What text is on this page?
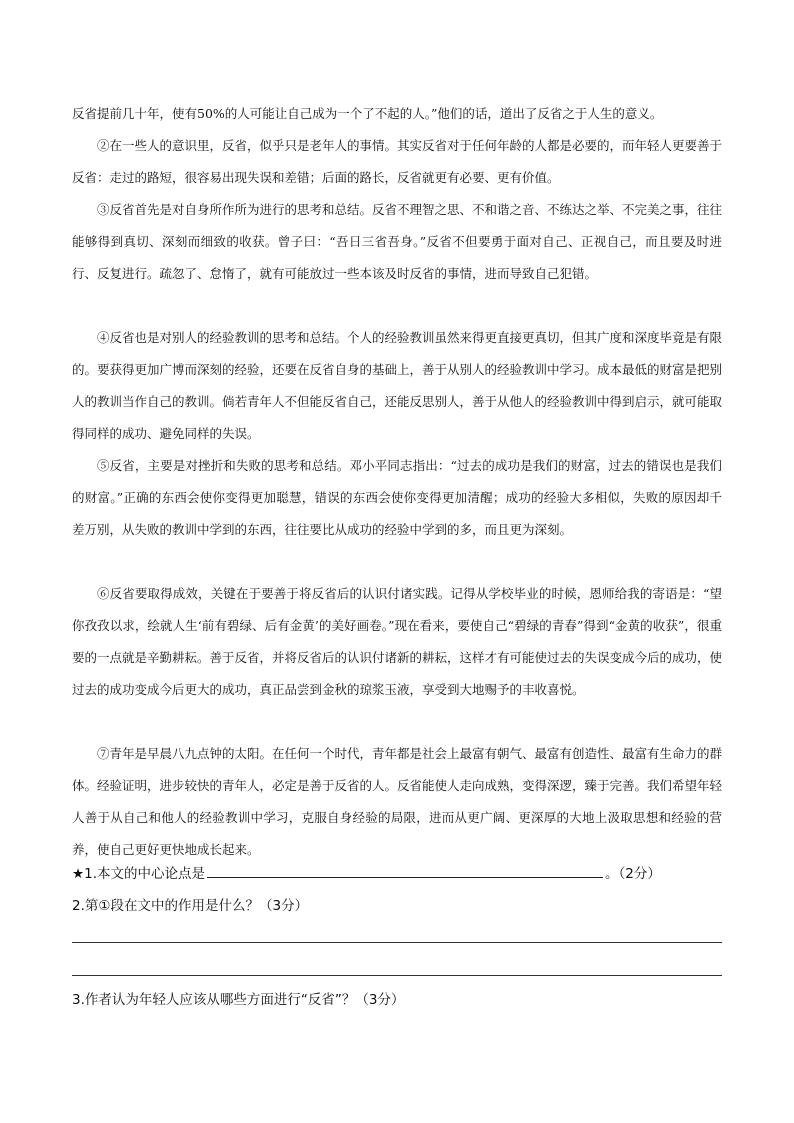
反省提前几十年，使有50%的人可能让自己成为一个了不起的人。”他们的话，道出了反省之于人生的意义。

②在一些人的意识里，反省，似乎只是老年人的事情。其实反省对于任何年龄的人都是必要的，而年轻人更要善于反省：走过的路短，很容易出现失误和差错；后面的路长，反省就更有必要、更有价值。

③反省首先是对自身所作所为进行的思考和总结。反省不理智之思、不和谐之音、不练达之举、不完美之事，往往能够得到真切、深刻而细致的收获。曾子曰：“吾日三省吾身。”反省不但要勇于面对自己、正视自己，而且要及时进行、反复进行。疏忽了、怠惰了，就有可能放过一些本该及时反省的事情，进而导致自己犯错。

④反省也是对别人的经验教训的思考和总结。个人的经验教训虽然来得更直接更真切，但其广度和深度毕竟是有限的。要获得更加广博而深刻的经验，还要在反省自身的基础上，善于从别人的经验教训中学习。成本最低的财富是把别人的教训当作自己的教训。倘若青年人不但能反省自己，还能反思别人，善于从他人的经验教训中得到启示，就可能取得同样的成功、避免同样的失误。

⑤反省，主要是对挫折和失败的思考和总结。邓小平同志指出：“过去的成功是我们的财富，过去的错误也是我们的财富。”正确的东西会使你变得更加聪慧，错误的东西会使你变得更加清醒；成功的经验大多相似，失败的原因却千差万别，从失败的教训中学到的东西，往往要比从成功的经验中学到的多，而且更为深刻。

⑥反省要取得成效，关键在于要善于将反省后的认识付诸实践。记得从学校毕业的时候，恩师给我的寄语是：“望你孜孜以求，绘就人生‘前有碧绿、后有金黄’的美好画卷。”现在看来，要使自己“碧绿的青春”得到“金黄的收获”，很重要的一点就是辛勤耕耘。善于反省，并将反省后的认识付诸新的耕耘，这样才有可能使过去的失误变成今后的成功，使过去的成功变成今后更大的成功，真正品尝到金秋的琼浆玉液，享受到大地赐予的丰收喜悦。

⑦青年是早晨八九点钟的太阳。在任何一个时代，青年都是社会上最富有朝气、最富有创造性、最富有生命力的群体。经验证明，进步较快的青年人，必定是善于反省的人。反省能使人走向成熟，变得深逻，臻于完善。我们希望年轻人善于从自己和他人的经验教训中学习，克服自身经验的局限，进而从更广阔、更深厚的大地上汲取思想和经验的营养，使自己更好更快地成长起来。

★1.本文的中心论点是	。（2分）

2.第①段在文中的作用是什么？（3分）

3.作者认为年轻人应该从哪些方面进行“反省”？（3分）
